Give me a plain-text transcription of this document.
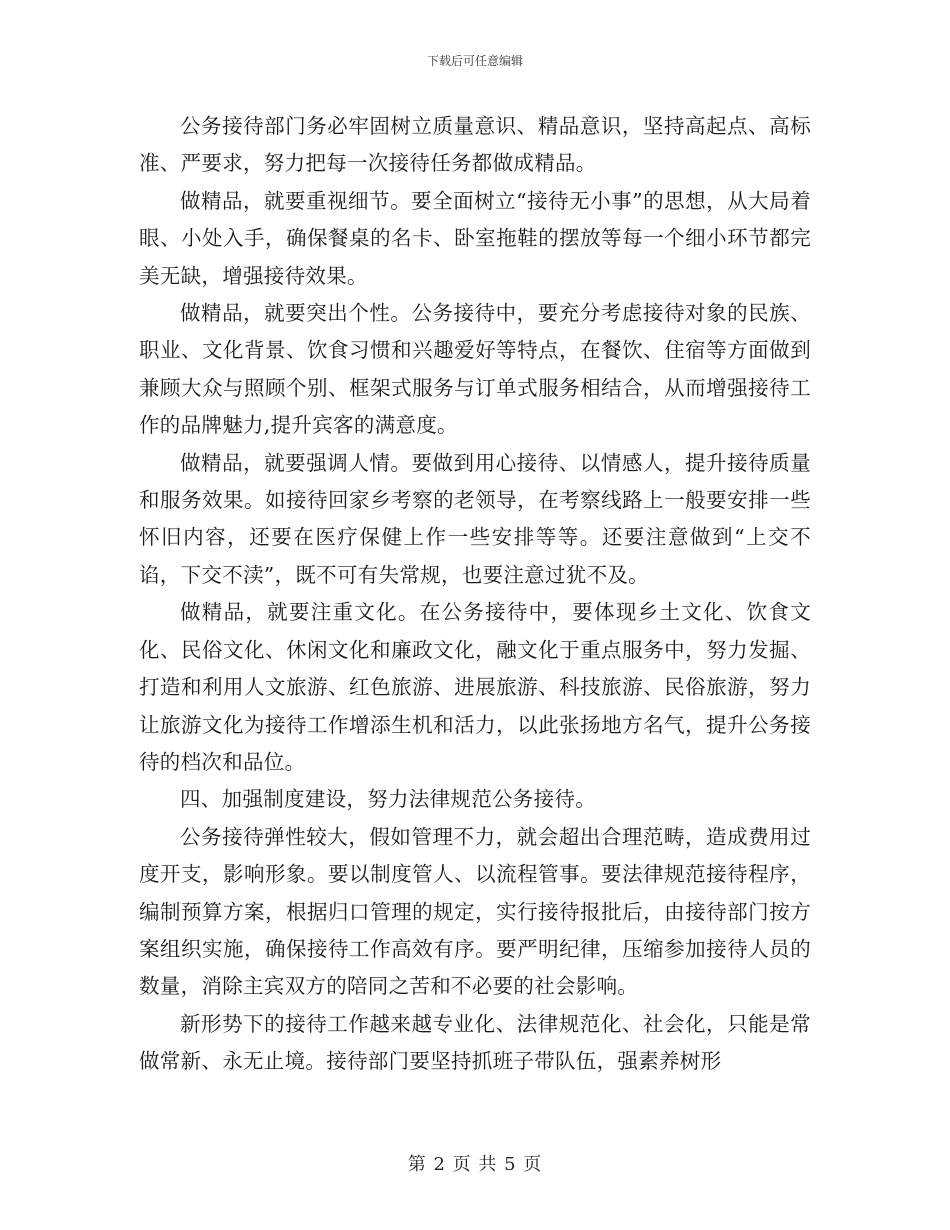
下载后可任意编辑

公务接待部门务必牢固树立质量意识、精品意识，坚持高起点、高标准、严要求，努力把每一次接待任务都做成精品。

做精品，就要重视细节。要全面树立“接待无小事”的思想，从大局着眼、小处入手，确保餐桌的名卡、卧室拖鞋的摆放等每一个细小环节都完美无缺，增强接待效果。

做精品，就要突出个性。公务接待中，要充分考虑接待对象的民族、职业、文化背景、饮食习惯和兴趣爱好等特点，在餐饮、住宿等方面做到兼顾大众与照顾个别、框架式服务与订单式服务相结合，从而增强接待工作的品牌魅力,提升宾客的满意度。

做精品，就要强调人情。要做到用心接待、以情感人，提升接待质量和服务效果。如接待回家乡考察的老领导，在考察线路上一般要安排一些怀旧内容，还要在医疗保健上作一些安排等等。还要注意做到“上交不谄，下交不渎”，既不可有失常规，也要注意过犹不及。

做精品，就要注重文化。在公务接待中，要体现乡土文化、饮食文化、民俗文化、休闲文化和廉政文化，融文化于重点服务中，努力发掘、打造和利用人文旅游、红色旅游、进展旅游、科技旅游、民俗旅游，努力让旅游文化为接待工作增添生机和活力，以此张扬地方名气，提升公务接待的档次和品位。

四、加强制度建设，努力法律规范公务接待。

公务接待弹性较大，假如管理不力，就会超出合理范畴，造成费用过度开支，影响形象。要以制度管人、以流程管事。要法律规范接待程序，编制预算方案，根据归口管理的规定，实行接待报批后，由接待部门按方案组织实施，确保接待工作高效有序。要严明纪律，压缩参加接待人员的数量，消除主宾双方的陪同之苦和不必要的社会影响。

新形势下的接待工作越来越专业化、法律规范化、社会化，只能是常做常新、永无止境。接待部门要坚持抓班子带队伍，强素养树形

第 2 页 共 5 页
